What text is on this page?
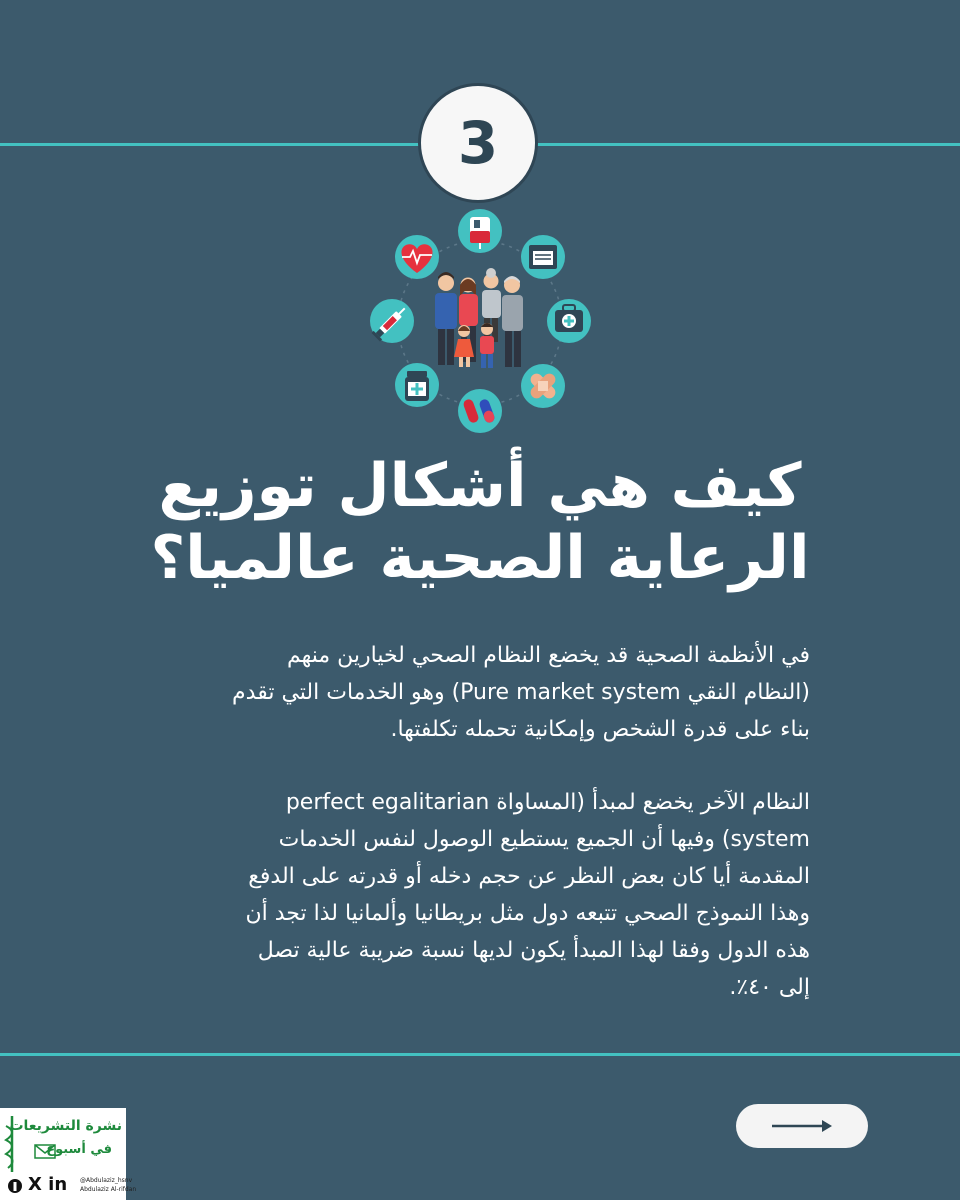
3
كيف هي أشكال توزيع
الرعاية الصحية عالميا؟
في الأنظمة الصحية قد يخضع النظام الصحي لخيارين منهم
(النظام النقي Pure market system) وهو الخدمات التي تقدم
بناء على قدرة الشخص وإمكانية تحمله تكلفتها.
النظام الآخر يخضع لمبدأ (المساواة perfect egalitarian
system) وفيها أن الجميع يستطيع الوصول لنفس الخدمات
المقدمة أيا كان بعض النظر عن حجم دخله أو قدرته على الدفع
وهذا النموذج الصحي تتبعه دول مثل بريطانيا وألمانيا لذا تجد أن
هذه الدول وفقا لهذا المبدأ يكون لديها نسبة ضريبة عالية تصل
إلى ٤٠٪.
نشرة التشريعات
في أسبوع
X in @Abdulaziz_hsnv
Abdulaziz Al-rifdan
